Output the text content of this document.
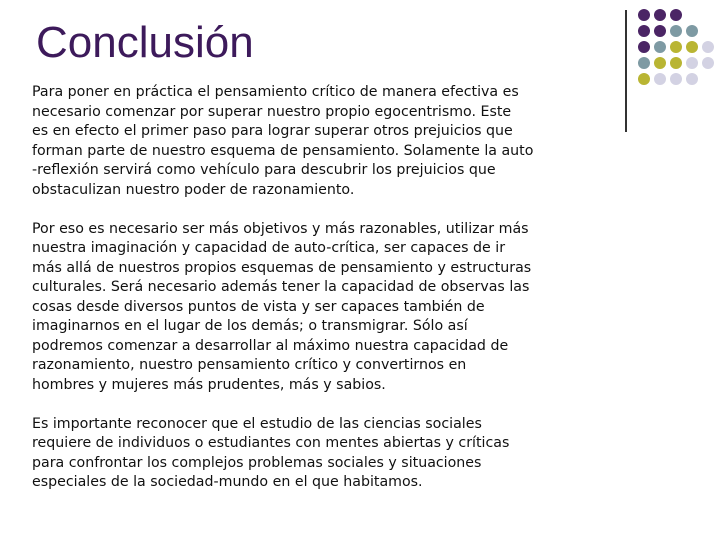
Conclusión

Para poner en práctica el pensamiento crítico de manera efectiva es
necesario comenzar por superar nuestro propio egocentrismo. Este
es en efecto el primer paso para lograr superar otros prejuicios que
forman parte de nuestro esquema de pensamiento. Solamente la auto
-reflexión servirá como vehículo para descubrir los prejuicios que
obstaculizan nuestro poder de razonamiento.

Por eso es necesario ser más objetivos y más razonables, utilizar más
nuestra imaginación y capacidad de auto-crítica, ser capaces de ir
más allá de nuestros propios esquemas de pensamiento y estructuras
culturales. Será necesario además tener la capacidad de observas las
cosas desde diversos puntos de vista y ser capaces también de
imaginarnos en el lugar de los demás; o transmigrar. Sólo así
podremos comenzar a desarrollar al máximo nuestra capacidad de
razonamiento, nuestro pensamiento crítico y convertirnos en
hombres y mujeres más prudentes, más y sabios.

Es importante reconocer que el estudio de las ciencias sociales
requiere de individuos o estudiantes con mentes abiertas y críticas
para confrontar los complejos problemas sociales y situaciones
especiales de la sociedad-mundo en el que habitamos.
